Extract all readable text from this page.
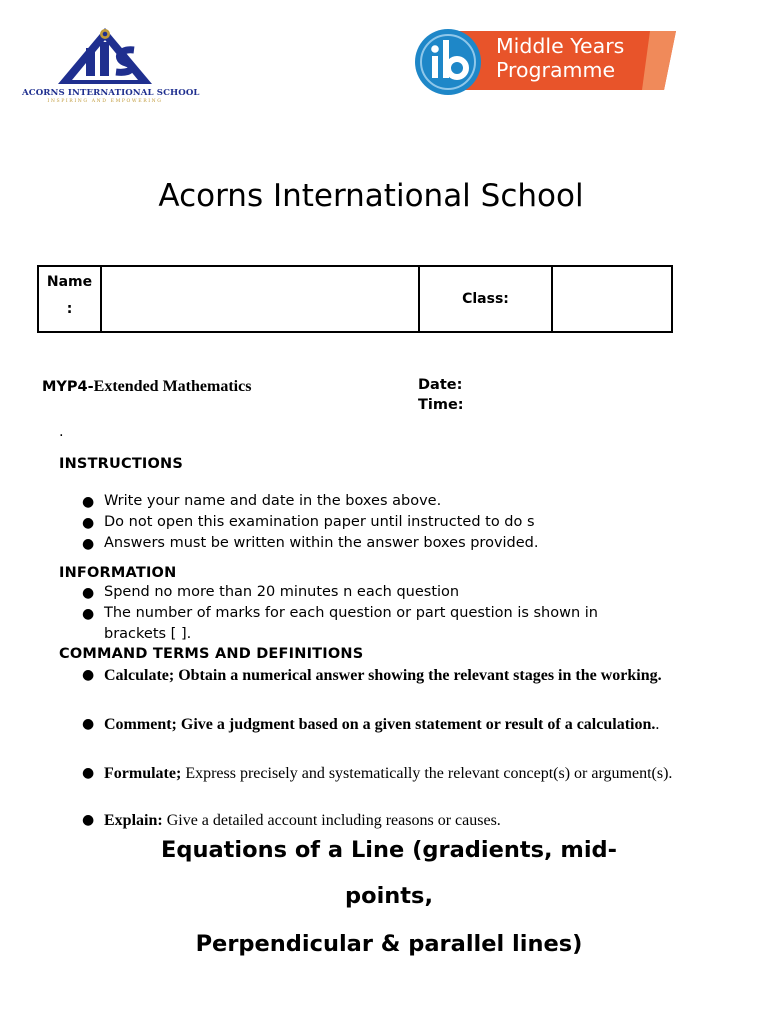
ACORNS INTERNATIONAL SCHOOL
INSPIRING AND EMPOWERING
Middle Years
Programme
Acorns International School
Name
:
		Class:	
MYP4-Extended Mathematics	Date:
Time:
.
INSTRUCTIONS
● Write your name and date in the boxes above.
● Do not open this examination paper until instructed to do s
● Answers must be written within the answer boxes provided.
INFORMATION
● Spend no more than 20 minutes n each question
● The number of marks for each question or part question is shown in
brackets [ ].
COMMAND TERMS AND DEFINITIONS
● Calculate; Obtain a numerical answer showing the relevant stages in the working.
● Comment; Give a judgment based on a given statement or result of a calculation..
● Formulate; Express precisely and systematically the relevant concept(s) or argument(s).
● Explain: Give a detailed account including reasons or causes.
Equations of a Line (gradients, mid-
points,
Perpendicular & parallel lines)
